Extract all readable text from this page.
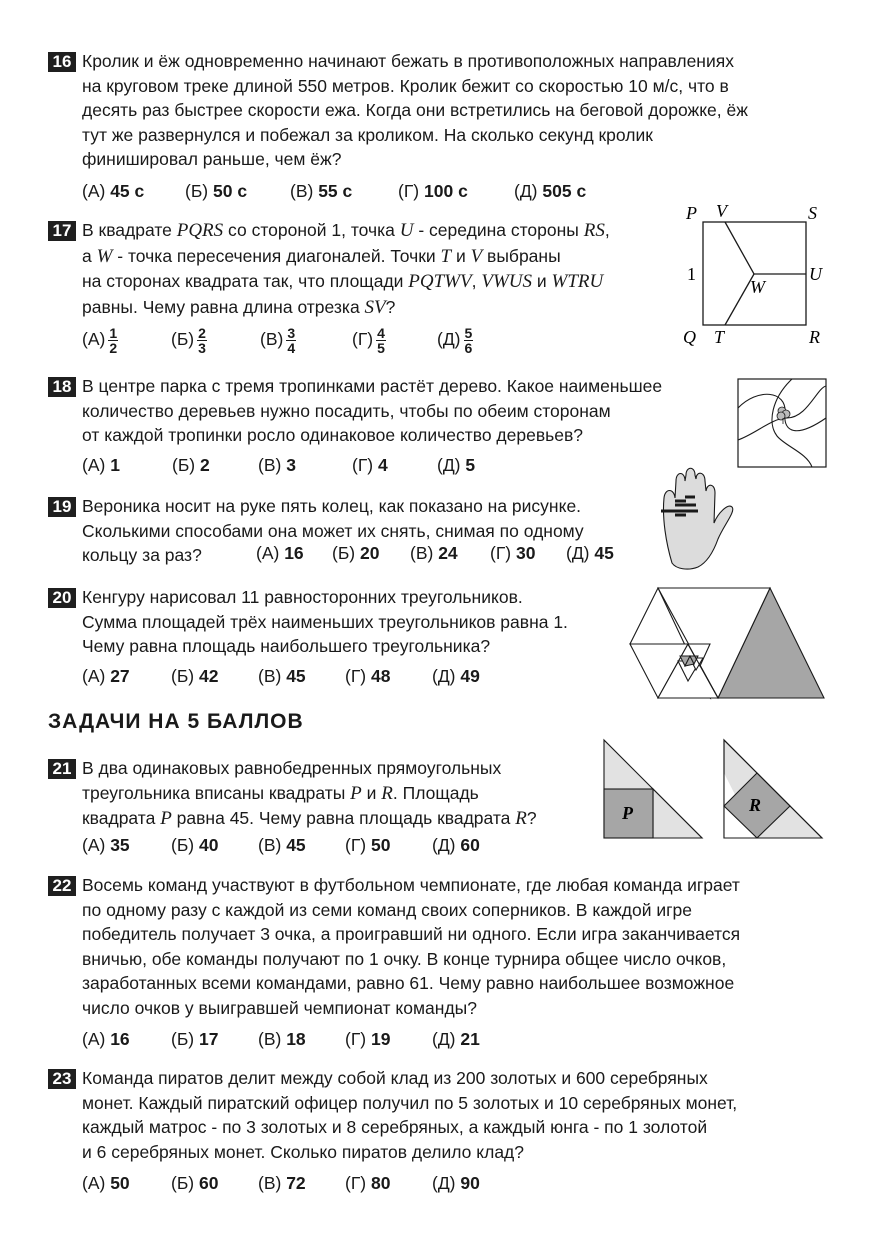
16 Кролик и ёж одновременно начинают бежать в противоположных направлениях
на круговом треке длиной 550 метров. Кролик бежит со скоростью 10 м/с, что в
десять раз быстрее скорости ежа. Когда они встретились на беговой дорожке, ёж
тут же развернулся и побежал за кроликом. На сколько секунд кролик
финишировал раньше, чем ёж?
(А) 45 с (Б) 50 с (В) 55 с	(Г) 100 с	(Д) 505 с
17 В квадрате PQRS со стороной 1, точка U - середина стороны RS,
а W - точка пересечения диагоналей. Точки T и V выбраны
на сторонах квадрата так, что площади PQTWV, VWUS и WTRU
равны. Чему равна длина отрезка SV?
$(А) \frac{1}{2}$	$(Б) \frac{2}{3}$	$(В) \frac{3}{4}$	$(Г) \frac{4}{5}$	$(Д) \frac{5}{6}$
P V	S
U
W
Q T	R
1
18 В центре парка с тремя тропинками растёт дерево. Какое наименьшее
количество деревьев нужно посадить, чтобы по обеим сторонам
от каждой тропинки росло одинаковое количество деревьев?
(А) 1	(Б) 2	(В) 3	(Г) 4	(Д) 5
19 Вероника носит на руке пять колец, как показано на рисунке.
Сколькими способами она может их снять, снимая по одному
кольцу за раз?	(А) 16 (Б) 20 (В) 24 (Г) 30 (Д) 45
20 Кенгуру нарисовал 11 равносторонних треугольников.
Сумма площадей трёх наименьших треугольников равна 1.
Чему равна площадь наибольшего треугольника?
(А) 27 (Б) 42 (В) 45 (Г) 48 (Д) 49
ЗАДАЧИ НА 5 БАЛЛОВ
21 В два одинаковых равнобедренных прямоугольных
треугольника вписаны квадраты P и R. Площадь
квадрата P равна 45. Чему равна площадь квадрата R?
(А) 35 (Б) 40 (В) 45 (Г) 50 (Д) 60
P	R
22 Восемь команд участвуют в футбольном чемпионате, где любая команда играет
по одному разу с каждой из семи команд своих соперников. В каждой игре
победитель получает 3 очка, а проигравший ни одного. Если игра заканчивается
вничью, обе команды получают по 1 очку. В конце турнира общее число очков,
заработанных всеми командами, равно 61. Чему равно наибольшее возможное
число очков у выигравшей чемпионат команды?
(А) 16 (Б) 17 (В) 18 (Г) 19 (Д) 21
23 Команда пиратов делит между собой клад из 200 золотых и 600 серебряных
монет. Каждый пиратский офицер получил по 5 золотых и 10 серебряных монет,
каждый матрос - по 3 золотых и 8 серебряных, а каждый юнга - по 1 золотой
и 6 серебряных монет. Сколько пиратов делило клад?
(А) 50 (Б) 60 (В) 72 (Г) 80 (Д) 90
